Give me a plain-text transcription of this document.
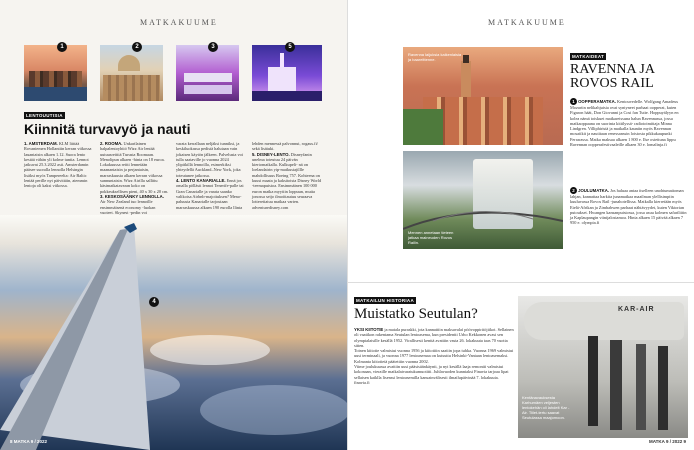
MATKAKUUME
1	2	3	5
LENTOUUTISIA
Kiinnitä turvavyö ja nauti
1. AMSTERDAM. KLM liittää Rovaniemen Hollantiin kerran viikossa lauantaisin alkaen 1.12. Suora lento kestää vähän yli kolme tuntia. Lennot jatkuvat 25.3.2022 asti. Amsterdamin pääsee suoralla lennolla Helsingin lisäksi myös Tampereelta: Air Baltic lentää perille nyt päivittäin, aiemmin lentoja oli kaksi viikossa.
2. ROOMA. Unkarilainen halpalentoyhtiö Wizz Air lentää uutuusreittiä Turusta Roomaan. Menolipun alkaen -hinta on 18 euroa. Lokakuussa reitti lennetään maanantaisin ja perjantaisin, marraskuusta alkaen kerran viikossa sunnuntaisin. Wizz Airilla sallittu käsimatkatavaran koko on pokkeuksellisen pieni, 40 x 30 x 20 cm.
3. KESKOSÄÄNKY LENNOLLA. Air New Zealand tuo lennoille ensimmäisenä economy -luokan vuoteet. Skynest -pedin voi
varata kerrallaan neljäksi tunniksi, ja keskiluokassa pedistä halutaan vain jokaisen käytön jälkeen. Palvelusta voi tulla saataville jo vuonna 2024 ylipitkillä lennoilla, esimerkiksi yhteydellä Auckland–New York, joka toteutunee jatkossa.
4. LENTO KANARIALLE. Ennä jos omalla pöllästi lennot Tenerife-palle tai Gran Canarialle ja varata saanko valikoisa Airbnb-majoituksen? Meno- paluusta Kanarialle tarjoutaan marraskuussa alkaen 190 eurolla llinta
lehden mennessä palvonnut, rogaus.fi/ sekä lisätuki.
5. DISNEY-LENTO. Disneyfanin unelma toteutuu 24 päivän kiertomatkalla. Kulkupeli- nä on loelandairin yip-matkustajillle mahdollisuus Boeing 757. Kohteena on kuusi maata ja kaksitoista Disney World -teemapuistoa. Ensimmäinen 100 000 euron matka myytiin loppuun, mutta jonossa seijo ilmoittautuu seuraava lotteretiatuu matkaa varten. adventuredisney.com
4
8 MATKA 9 / 2022
MATKAKUUME
Ravenna laijuksia kaikenlaisia ja baareittenne.
Mennen annetaan tieteen jatkaa maineuden Rovos Railin.
MATKAIDEAT
RAVENNA JA ROVOS RAIL
1 OOPPERAMATKA. Kentouvedelle. Wolfgang Amadeus Mozartin nelikahjuisia ovat syntyneet parhaat oopperat, kuten Figaron häät, Don Giovanni ja Cosi fan Tutte. Hoppuyälyyn en kolea nämä toiskuet matkareissuna halun Ravennassa, jossa matkaoppaana on suorinta kittilyssä- radiotoimittaja Minna Lindgren. Villiphiristä ja matkalla kauniin myös Ravennan mosaiikit ja nautitaan renessanssin loistosta pikkukaupunki Ferrarassa. Matka maksaa alkaen 1 800 e. Ilse ostettuna lippu Ravennan oopperafestivaaleille alkaen 30 e. lomalinja.fi
2 JOULUMATKA. Jos haluaa antaa itselleen unohtumattoman lahjan, kannattaa harkita junamatkaa maailman ylellisimpiin kuuluvassa Rovos Rail -junahotellissa. Matkalla kierretään myös Etelä-Afrikan ja Zimbabwen parhaat nähtävyydet, kuten Viktorian putoukset. Hwangen kansanpuistossa, jossa asuu kolmen safariliitin ja Kaplaupangin viinijalostamoa. Hinta alkaen 15 päivää alkaen 7 950 e. olympia.fi
MATKAILUN HISTORIAA
Muistatko Seutulan?
YKSI KIITOTIE ja matala puraskki, jota kannattiin maksavalaí pöövoppiritöjiikot. Sellainen oli vaatikon rakentama Seutulan lentoasema, kun presidentti Urho Kekkonen avasi sen olympialaisille kesällä 1952. Virallisesti kenttä avattiin vasta 26. lokakuuta taas 70 vuotta sitten.
Toinen kiitotie valmistui vuonna 1956 ja kiitotiiin saatiin jopa tuhka. Vuonna 1969 valmistui uusi terminaali, ja vuonna 1977 lentoasemaa on kutsuttu Helsinki-Vantaan lentoasemaksi. Kolmanta kiitotietä päätettiin vuonna 2002.
Viime joulukuussa avattiin uusi pääsisäänkäynti, ja nyt kesällä laaja remontti valmistui kokonaan, vieraille matkalaivaratukumuotitti. Juhlavuoden kunniaksi Finavia tarjoaa lipat sellaisen kaiklla lisenssi lentoasemilla kansainvälisesti ilmailupäivinää 7. lokakuuta. finavia.fi
KAR-AIR
Kentänavauksesta Karhumäen veljesten lentokehän oli lahdelt Kar - Air. Tiilet-tertu saavat Seutulassa maajomoon.
MATKA 9 / 2022 9
